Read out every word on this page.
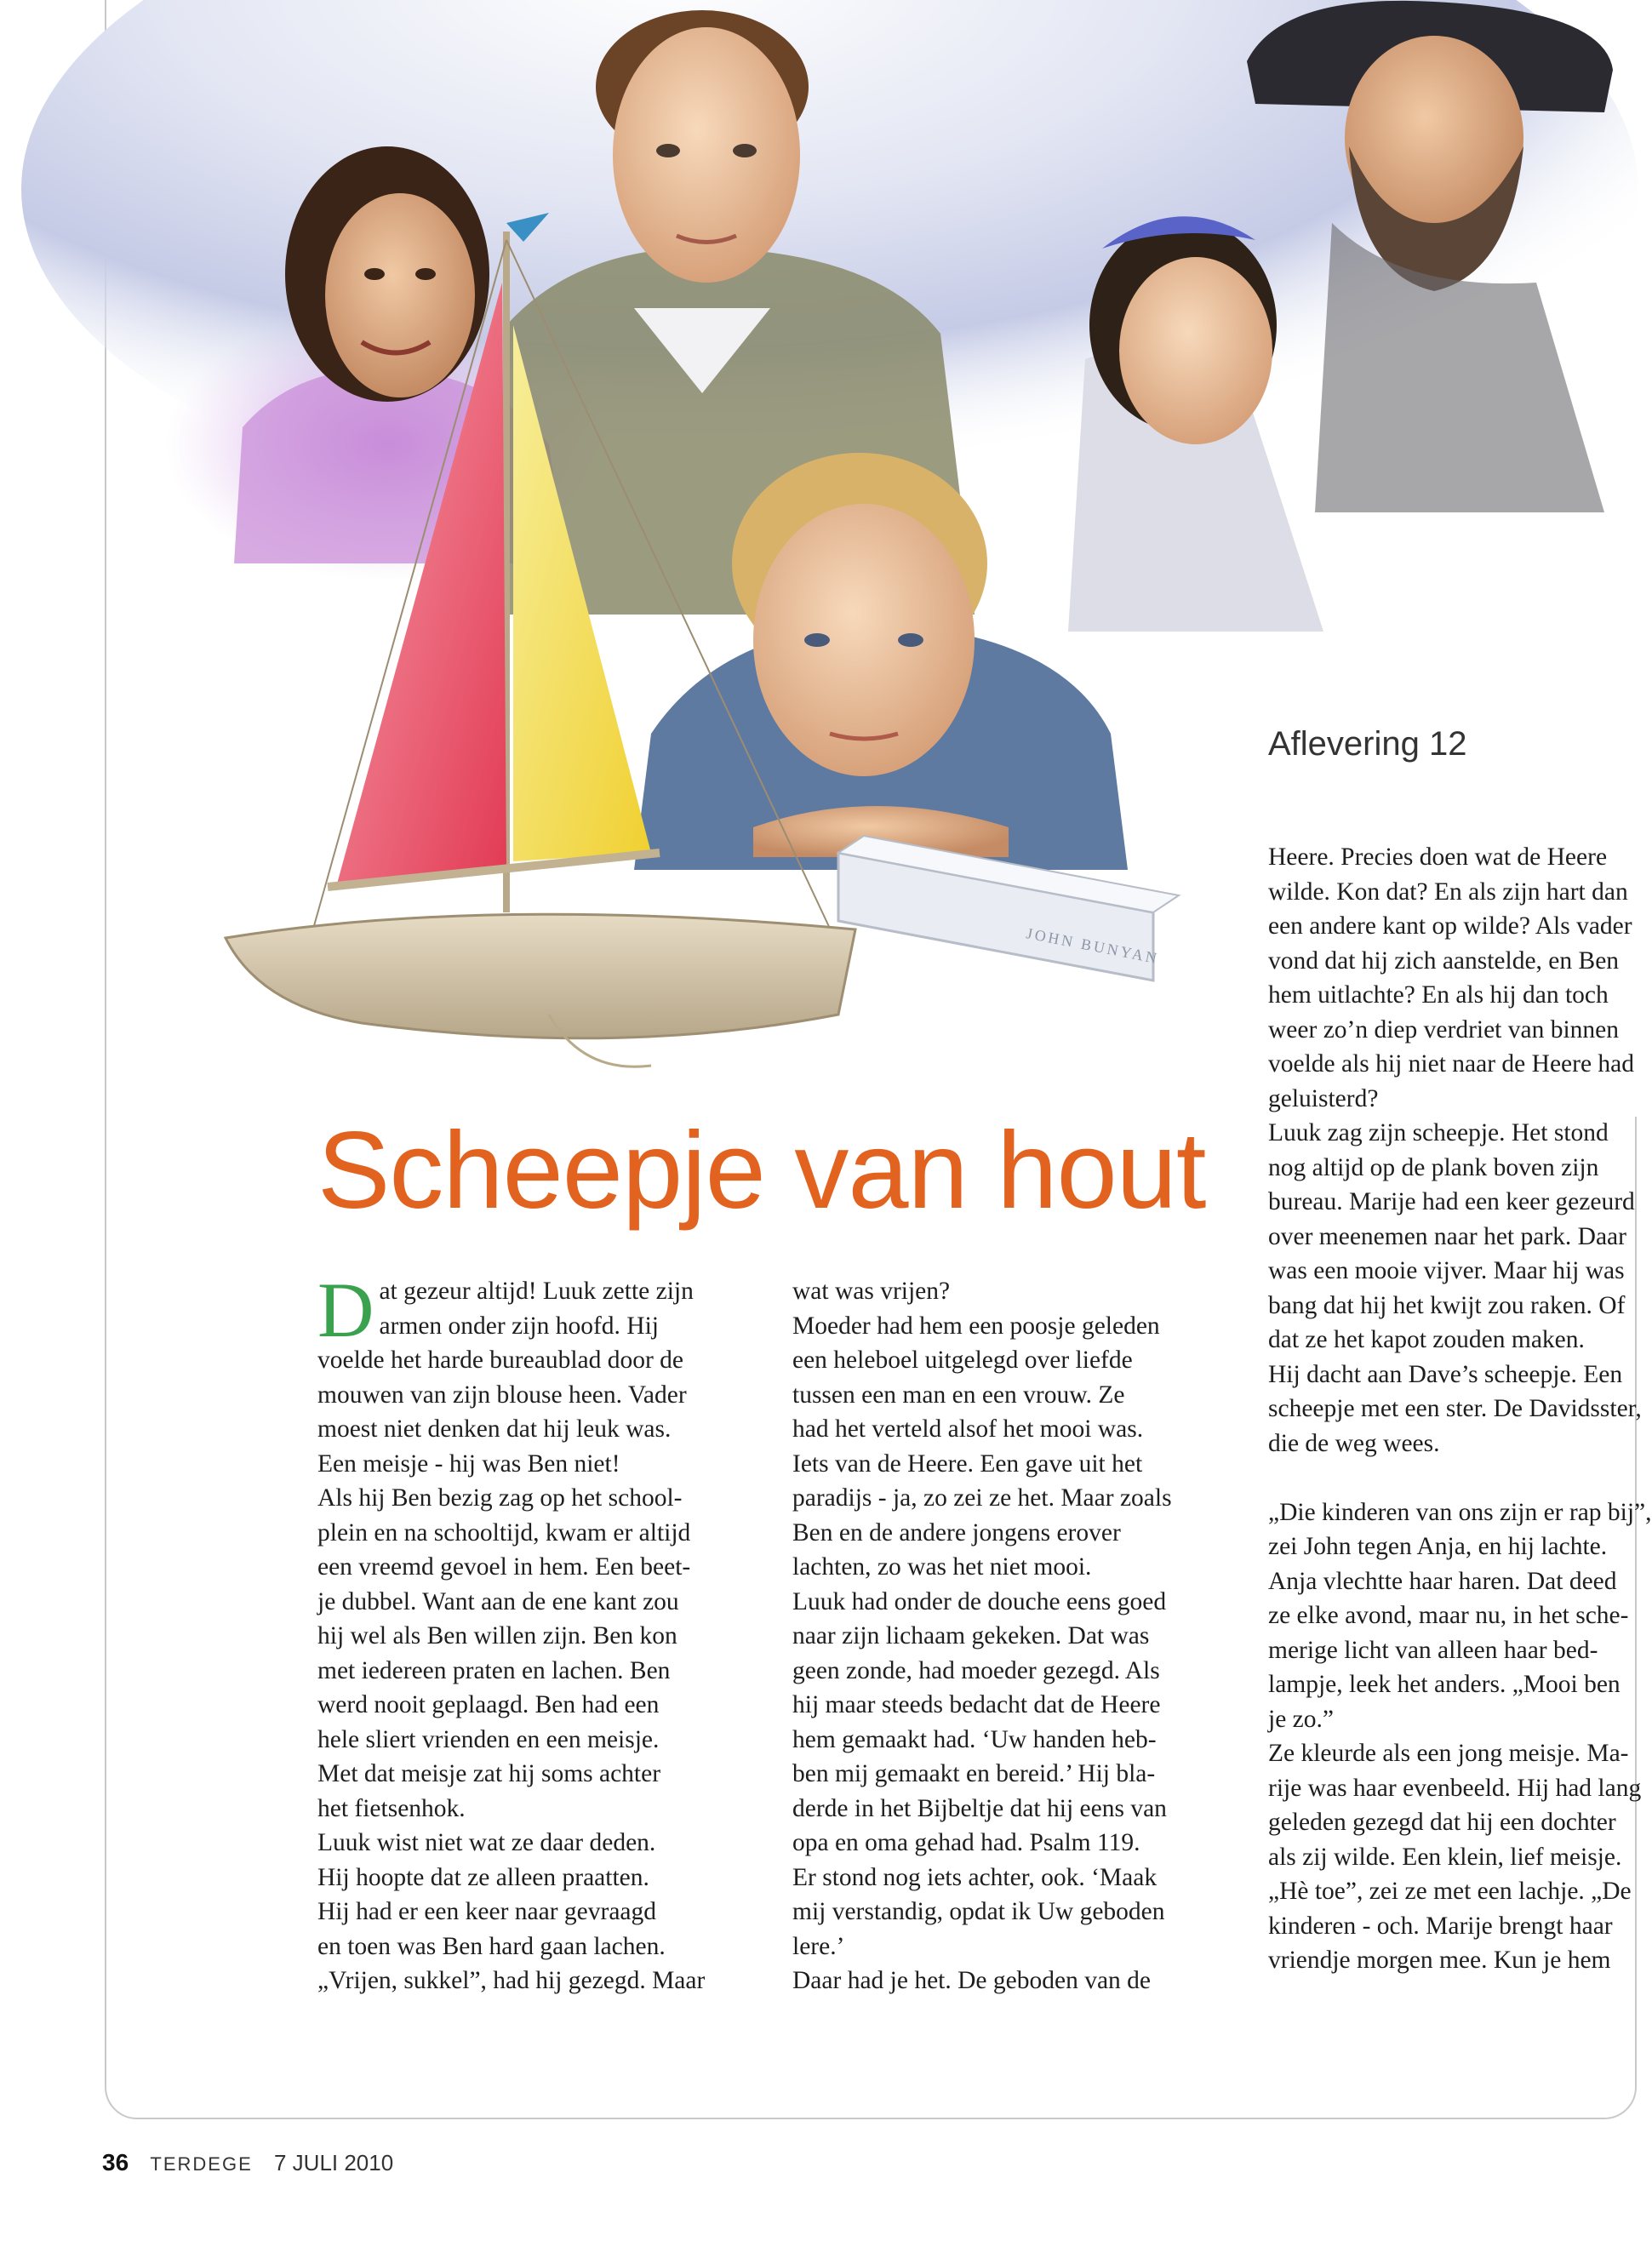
JOHN BUNYAN
Aflevering 12
Scheepje van hout
Dat gezeur altijd! Luuk zette zijn
armen onder zijn hoofd. Hij
voelde het harde bureaublad door de
mouwen van zijn blouse heen. Vader
moest niet denken dat hij leuk was.
Een meisje - hij was Ben niet!
Als hij Ben bezig zag op het school-
plein en na schooltijd, kwam er altijd
een vreemd gevoel in hem. Een beet-
je dubbel. Want aan de ene kant zou
hij wel als Ben willen zijn. Ben kon
met iedereen praten en lachen. Ben
werd nooit geplaagd. Ben had een
hele sliert vrienden en een meisje.
Met dat meisje zat hij soms achter
het fietsenhok.
Luuk wist niet wat ze daar deden.
Hij hoopte dat ze alleen praatten.
Hij had er een keer naar gevraagd
en toen was Ben hard gaan lachen.
„Vrijen, sukkel”, had hij gezegd. Maar
wat was vrijen?
Moeder had hem een poosje geleden
een heleboel uitgelegd over liefde
tussen een man en een vrouw. Ze
had het verteld alsof het mooi was.
Iets van de Heere. Een gave uit het
paradijs - ja, zo zei ze het. Maar zoals
Ben en de andere jongens erover
lachten, zo was het niet mooi.
Luuk had onder de douche eens goed
naar zijn lichaam gekeken. Dat was
geen zonde, had moeder gezegd. Als
hij maar steeds bedacht dat de Heere
hem gemaakt had. ‘Uw handen heb-
ben mij gemaakt en bereid.’ Hij bla-
derde in het Bijbeltje dat hij eens van
opa en oma gehad had. Psalm 119.
Er stond nog iets achter, ook. ‘Maak
mij verstandig, opdat ik Uw geboden
lere.’
Daar had je het. De geboden van de
Heere. Precies doen wat de Heere
wilde. Kon dat? En als zijn hart dan
een andere kant op wilde? Als vader
vond dat hij zich aanstelde, en Ben
hem uitlachte? En als hij dan toch
weer zo’n diep verdriet van binnen
voelde als hij niet naar de Heere had
geluisterd?
Luuk zag zijn scheepje. Het stond
nog altijd op de plank boven zijn
bureau. Marije had een keer gezeurd
over meenemen naar het park. Daar
was een mooie vijver. Maar hij was
bang dat hij het kwijt zou raken. Of
dat ze het kapot zouden maken.
Hij dacht aan Dave’s scheepje. Een
scheepje met een ster. De Davidsster,
die de weg wees.

„Die kinderen van ons zijn er rap bij”,
zei John tegen Anja, en hij lachte.
Anja vlechtte haar haren. Dat deed
ze elke avond, maar nu, in het sche-
merige licht van alleen haar bed-
lampje, leek het anders. „Mooi ben
je zo.”
Ze kleurde als een jong meisje. Ma-
rije was haar evenbeeld. Hij had lang
geleden gezegd dat hij een dochter
als zij wilde. Een klein, lief meisje.
„Hè toe”, zei ze met een lachje. „De
kinderen - och. Marije brengt haar
vriendje morgen mee. Kun je hem
36 TERDEGE 7 JULI 2010
